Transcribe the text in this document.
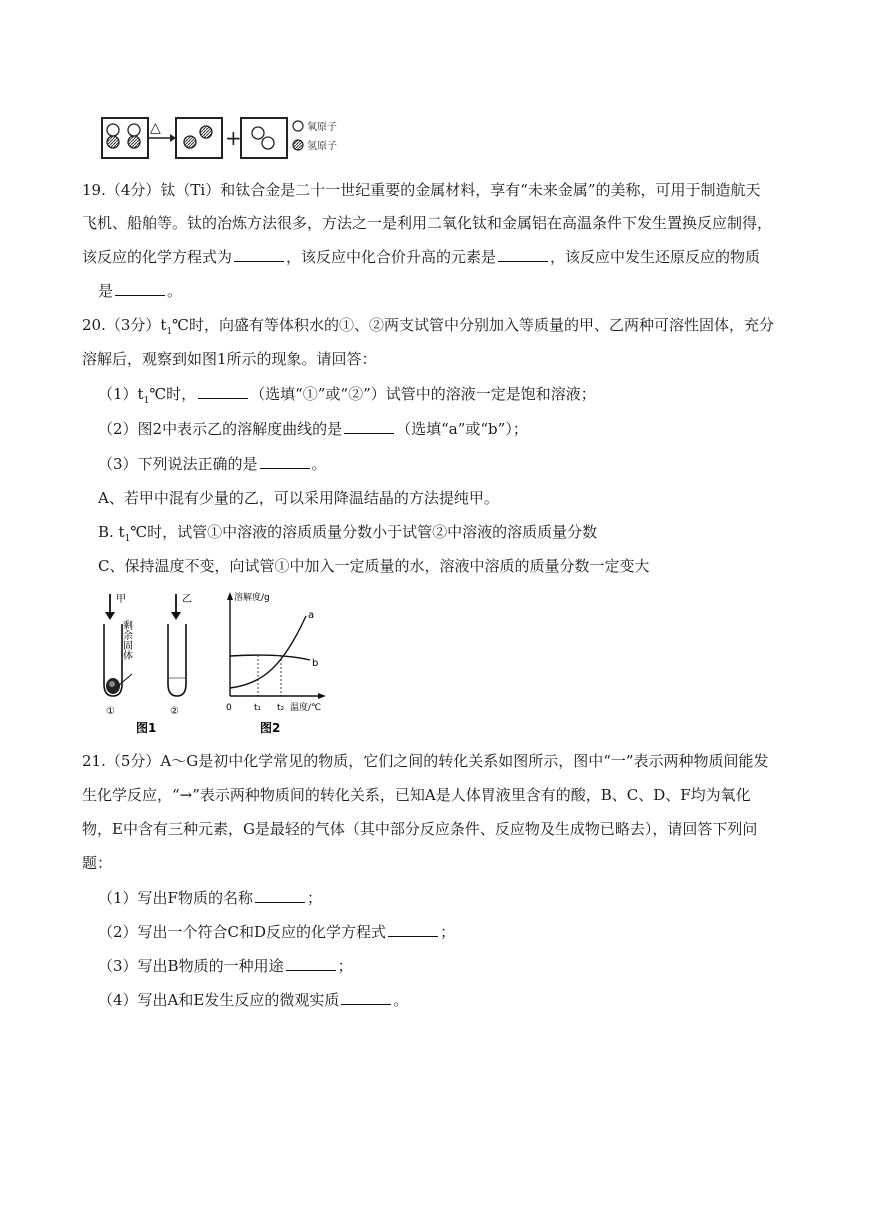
△	+	氧原子
氢原子
19.（4分）钛（Ti）和钛合金是二十一世纪重要的金属材料，享有“未来金属”的美称，可用于制造航天
飞机、船舶等。钛的冶炼方法很多，方法之一是利用二氧化钛和金属铝在高温条件下发生置换反应制得，
该反应的化学方程式为	，该反应中化合价升高的元素是	，该反应中发生还原反应的物质
是	。
20.（3分）$t_1℃$时，向盛有等体积水的①、②两支试管中分别加入等质量的甲、乙两种可溶性固体，充分
溶解后，观察到如图1所示的现象。请回答：
$(1)t_1℃$时，	（选填“①”或“②”）试管中的溶液一定是饱和溶液；
（2）图2中表示乙的溶解度曲线的是	（选填“a”或“b”）；
（3）下列说法正确的是	。
A、若甲中混有少量的乙，可以采用降温结晶的方法提纯甲。
B. $t_1℃$时，试管①中溶液的溶质质量分数小于试管②中溶液的溶质质量分数
C、保持温度不变，向试管①中加入一定质量的水，溶液中溶质的质量分数一定变大
甲	乙
剩余固体
①	②
图1
溶解度/g
a
b
0 t₁ t₂ 温度/℃
图2
21.（5分）A～G是初中化学常见的物质，它们之间的转化关系如图所示，图中“一”表示两种物质间能发
生化学反应，“→”表示两种物质间的转化关系，已知A是人体胃液里含有的酸，B、C、D、F均为氧化
物，E中含有三种元素，G是最轻的气体（其中部分反应条件、反应物及生成物已略去），请回答下列问
题：
（1）写出F物质的名称	；
（2）写出一个符合C和D反应的化学方程式	；
（3）写出B物质的一种用途	；
（4）写出A和E发生反应的微观实质	。
